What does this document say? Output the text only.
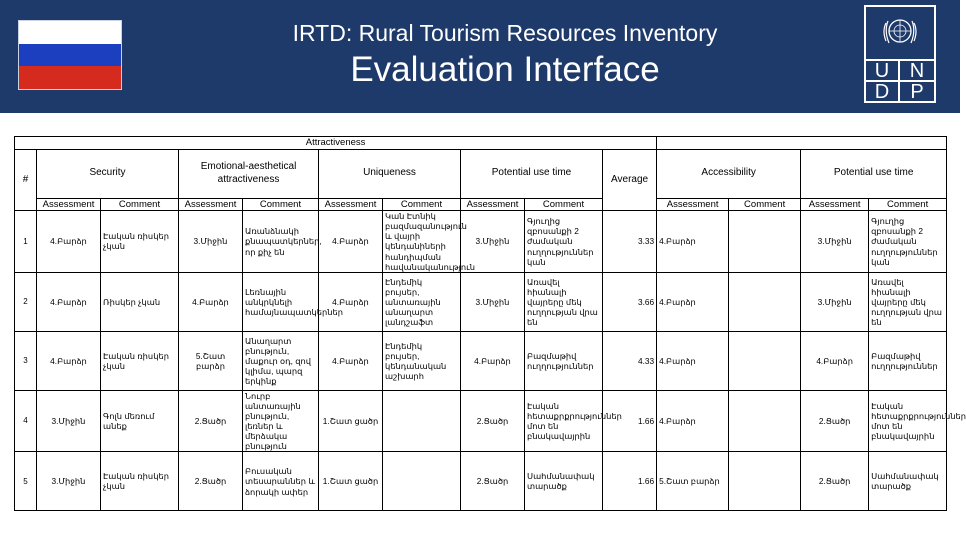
IRTD: Rural Tourism Resources Inventory
Evaluation Interface	U	N
D	P
Attractiveness													
#	Security		Emotional-aesthetical attractiveness		Uniqueness		Potential use time		Average	Accessibility		Potential use time	
	Assessment	Comment	Assessment	Comment	Assessment	Comment	Assessment	Comment		Assessment	Comment	Assessment	Comment
1	4.Բարձր	Էական ռիսկեր չկան	3.Միջին	Առանձնակի քնապատկերներ, որ քիչ են	4.Բարձր	Կան Էտնիկ բազմազանություն և վայրի կենդանիների հանդիպման հավանականություն	3.Միջին	Գյուղից զբոսանքի 2 ժամական ուղղություններ կան	3.33	4.Բարձր		3.Միջին	Գյուղից զբոսանքի 2 ժամական ուղղություններ կան
2	4.Բարձր	Ռիսկեր չկան	4.Բարձր	Լեռնային անկրկնելի համայնապատկերներ	4.Բարձր	Էնդեմիկ բույսեր, անտառային անաղարտ լանդշաֆտ	3.Միջին	Առավել հիանալի վայրերը մեկ ուղղության վրա են	3.66	4.Բարձր		3.Միջին	Առավել հիանալի վայրերը մեկ ուղղության վրա են
3	4.Բարձր	Էական ռիսկեր չկան	5.Շատ բարձր	Անաղարտ բնություն, մաքուր օդ, զով կլիմա, պարզ երկինք	4.Բարձր	Էնդեմիկ բույսեր, կենդանական աշխարհ	4.Բարձր	Բազմաթիվ ուղղություններ	4.33	4.Բարձր		4.Բարձր	Բազմաթիվ ուղղություններ
4	3.Միջին	Գոլն մեռում անեք	2.Ցածր	Նուրբ անտառային բնություն, լեռներ և մերձակա բնություն	1.Շատ ցածր		2.Ցածր	Էական հետաքրքրություններ մոտ են բնակավայրին	1.66	4.Բարձր		2.Ցածր	Էական հետաքրքրություններ մոտ են բնակավայրին
5	3.Միջին	Էական ռիսկեր չկան	2.Ցածր	Բուսական տեսարաններ և ձորակի ափեր	1.Շատ ցածր		2.Ցածր	Սահմանափակ տարածք	1.66	5.Շատ բարձր		2.Ցածր	Սահմանափակ տարածք
